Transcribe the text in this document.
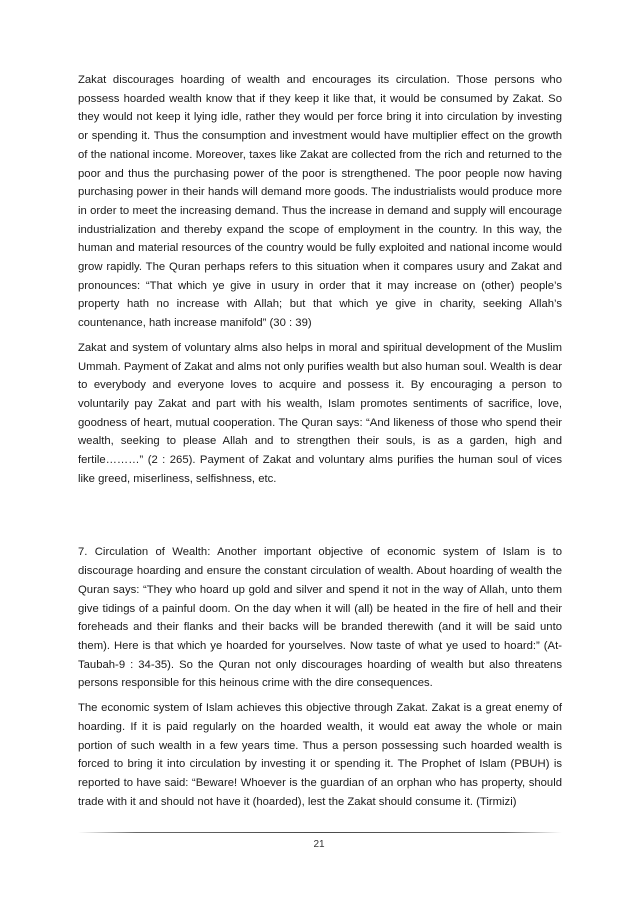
Zakat discourages hoarding of wealth and encourages its circulation. Those persons who possess hoarded wealth know that if they keep it like that, it would be consumed by Zakat. So they would not keep it lying idle, rather they would per force bring it into circulation by investing or spending it. Thus the consumption and investment would have multiplier effect on the growth of the national income. Moreover, taxes like Zakat are collected from the rich and returned to the poor and thus the purchasing power of the poor is strengthened. The poor people now having purchasing power in their hands will demand more goods. The industrialists would produce more in order to meet the increasing demand. Thus the increase in demand and supply will encourage industrialization and thereby expand the scope of employment in the country. In this way, the human and material resources of the country would be fully exploited and national income would grow rapidly. The Quran perhaps refers to this situation when it compares usury and Zakat and pronounces: “That which ye give in usury in order that it may increase on (other) people’s property hath no increase with Allah; but that which ye give in charity, seeking Allah’s countenance, hath increase manifold” (30 : 39)

Zakat and system of voluntary alms also helps in moral and spiritual development of the Muslim Ummah. Payment of Zakat and alms not only purifies wealth but also human soul. Wealth is dear to everybody and everyone loves to acquire and possess it. By encouraging a person to voluntarily pay Zakat and part with his wealth, Islam promotes sentiments of sacrifice, love, goodness of heart, mutual cooperation. The Quran says: “And likeness of those who spend their wealth, seeking to please Allah and to strengthen their souls, is as a garden, high and fertile………” (2 : 265). Payment of Zakat and voluntary alms purifies the human soul of vices like greed, miserliness, selfishness, etc.

7. Circulation of Wealth: Another important objective of economic system of Islam is to discourage hoarding and ensure the constant circulation of wealth. About hoarding of wealth the Quran says: “They who hoard up gold and silver and spend it not in the way of Allah, unto them give tidings of a painful doom. On the day when it will (all) be heated in the fire of hell and their foreheads and their flanks and their backs will be branded therewith (and it will be said unto them). Here is that which ye hoarded for yourselves. Now taste of what ye used to hoard:” (At-Taubah-9 : 34-35). So the Quran not only discourages hoarding of wealth but also threatens persons responsible for this heinous crime with the dire consequences.

The economic system of Islam achieves this objective through Zakat. Zakat is a great enemy of hoarding. If it is paid regularly on the hoarded wealth, it would eat away the whole or main portion of such wealth in a few years time. Thus a person possessing such hoarded wealth is forced to bring it into circulation by investing it or spending it. The Prophet of Islam (PBUH) is reported to have said: “Beware! Whoever is the guardian of an orphan who has property, should trade with it and should not have it (hoarded), lest the Zakat should consume it. (Tirmizi)

21
